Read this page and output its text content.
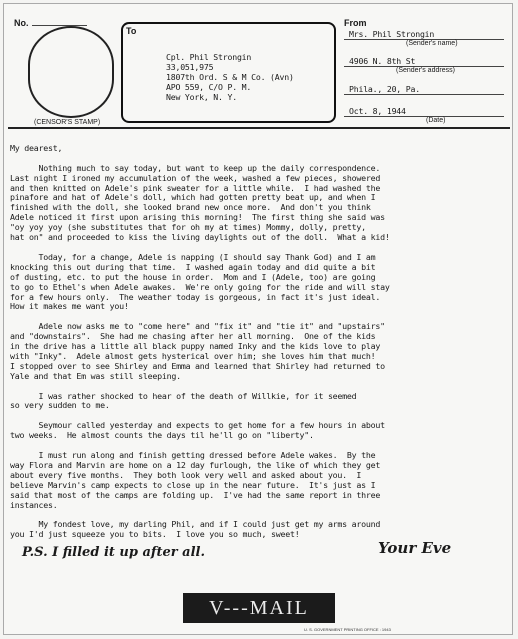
No.
(CENSOR'S STAMP)
To
Cpl. Phil Strongin
33,051,975
1807th Ord. S & M Co. (Avn)
APO 559, C/O P. M.
New York, N. Y.
From
Mrs. Phil Strongin
(Sender's name)
4906 N. 8th St
(Sender's address)
Phila., 20, Pa.
Oct. 8, 1944
(Date)

My dearest,

Nothing much to say today, but want to keep up the daily correspondence.
Last night I ironed my accumulation of the week, washed a few pieces, showered
and then knitted on Adele's pink sweater for a little while.  I had washed the
pinafore and hat of Adele's doll, which had gotten pretty beat up, and when I
finished with the doll, she looked brand new once more.  And don't you think
Adele noticed it first upon arising this morning!  The first thing she said was
"oy yoy yoy (she substitutes that for oh my at times) Mommy, dolly, pretty,
hat on" and proceeded to kiss the living daylights out of the doll.  What a kid!

Today, for a change, Adele is napping (I should say Thank God) and I am
knocking this out during that time.  I washed again today and did quite a bit
of dusting, etc. to put the house in order.  Mom and I (Adele, too) are going
to go to Ethel's when Adele awakes.  We're only going for the ride and will stay
for a few hours only.  The weather today is gorgeous, in fact it's just ideal.
How it makes me want you!

Adele now asks me to "come here" and "fix it" and "tie it" and "upstairs"
and "downstairs".  She had me chasing after her all morning.  One of the kids
in the drive has a little all black puppy named Inky and the kids love to play
with "Inky".  Adele almost gets hysterical over him; she loves him that much!
I stopped over to see Shirley and Emma and learned that Shirley had returned to
Yale and that Em was still sleeping.

I was rather shocked to hear of the death of Willkie, for it seemed
so very sudden to me.

Seymour called yesterday and expects to get home for a few hours in about
two weeks.  He almost counts the days til he'll go on "liberty".

I must run along and finish getting dressed before Adele wakes.  By the
way Flora and Marvin are home on a 12 day furlough, the like of which they get
about every five months.  They both look very well and asked about you.  I
believe Marvin's camp expects to close up in the near future.  It's just as I
said that most of the camps are folding up.  I've had the same report in three
instances.

My fondest love, my darling Phil, and if I could just get my arms around
you I'd just squeeze you to bits.  I love you so much, sweet!

P.S. I filled it up after all.	Your Eve
V---MAIL
U. S. GOVERNMENT PRINTING OFFICE : 1943
